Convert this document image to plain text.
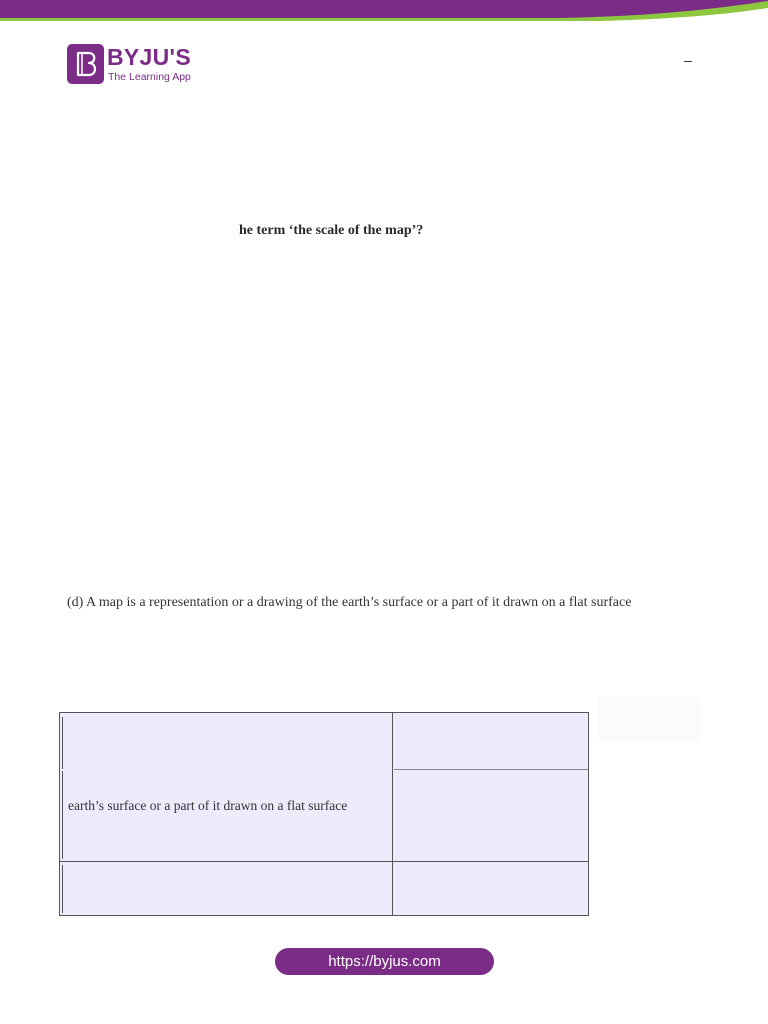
BYJU'S
The Learning App
he term ‘the scale of the map’?
(d) A map is a representation or a drawing of the earth’s surface or a part of it drawn on a flat surface
earth’s surface or a part of it drawn on a flat surface
https://byjus.com
